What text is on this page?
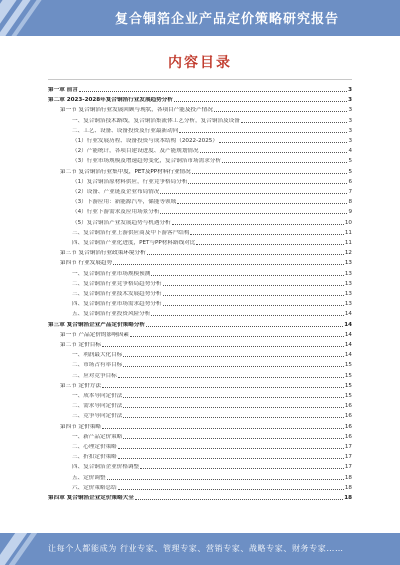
复合铜箔企业产品定价策略研究报告
内容目录
第一章 前言	3
第二章 2023-2028年复合铜箔行业发展趋势分析	3
第一节 复合铜箔行业发展回顾与现状，各项目产能及投产情况	3
一、复合铜箔技术路线，复合铜箔集流体工艺分析，复合铜箔及设备	3
二、工艺、设备、设备投资及行业最新动向	3
（1）行业发展历程、设备投资与成本结构（2022-2025）	3
（2）产能统计，各项目建设进度、及产能规划情况	4
（3）行业市场规模及增速趋势变化，复合铜箔市场需求分析	5
第二节 复合铜箔行业集中度，PET及PP材料行业情况	5
（1）复合铜箔原材料供应，行业竞争格局分析	6
（2）设备、产业链及企业布局情况	7
（3）下游应用：新能源汽车，储能等领域	8
（4）行业下游需求及应用场景分析	9
（5）复合铜箔产业发展趋势与机遇分析	10
三、复合铜箔行业上游供应商及中下游客户结构	11
四、复合铜箔产业化进度，PET与PP材料路线对比	11
第三节 复合铜箔行业政策环境分析	12
第四节 行业发展趋势	13
一、复合铜箔行业市场规模预测	13
二、复合铜箔行业竞争格局趋势分析	13
三、复合铜箔行业技术发展趋势分析	13
四、复合铜箔行业市场需求趋势分析	13
五、复合铜箔行业投资风险分析	14
第三章 复合铜箔企业产品定价策略分析	14
第一节 产品定价的影响因素	14
第二节 定价目标	14
一、利润最大化目标	14
二、市场占有率目标	15
三、应对竞争目标	15
第三节 定价方法	15
一、成本导向定价法	15
二、需求导向定价法	16
三、竞争导向定价法	16
第四节 定价策略	16
一、新产品定价策略	16
二、心理定价策略	17
三、折扣定价策略	17
四、复合铜箔企业价格调整	17
五、定价调整	18
六、定价策略总结	18
第四章 复合铜箔企业定价策略大全	18
让每个人都能成为 行业专家、管理专家、营销专家、战略专家、财务专家……
